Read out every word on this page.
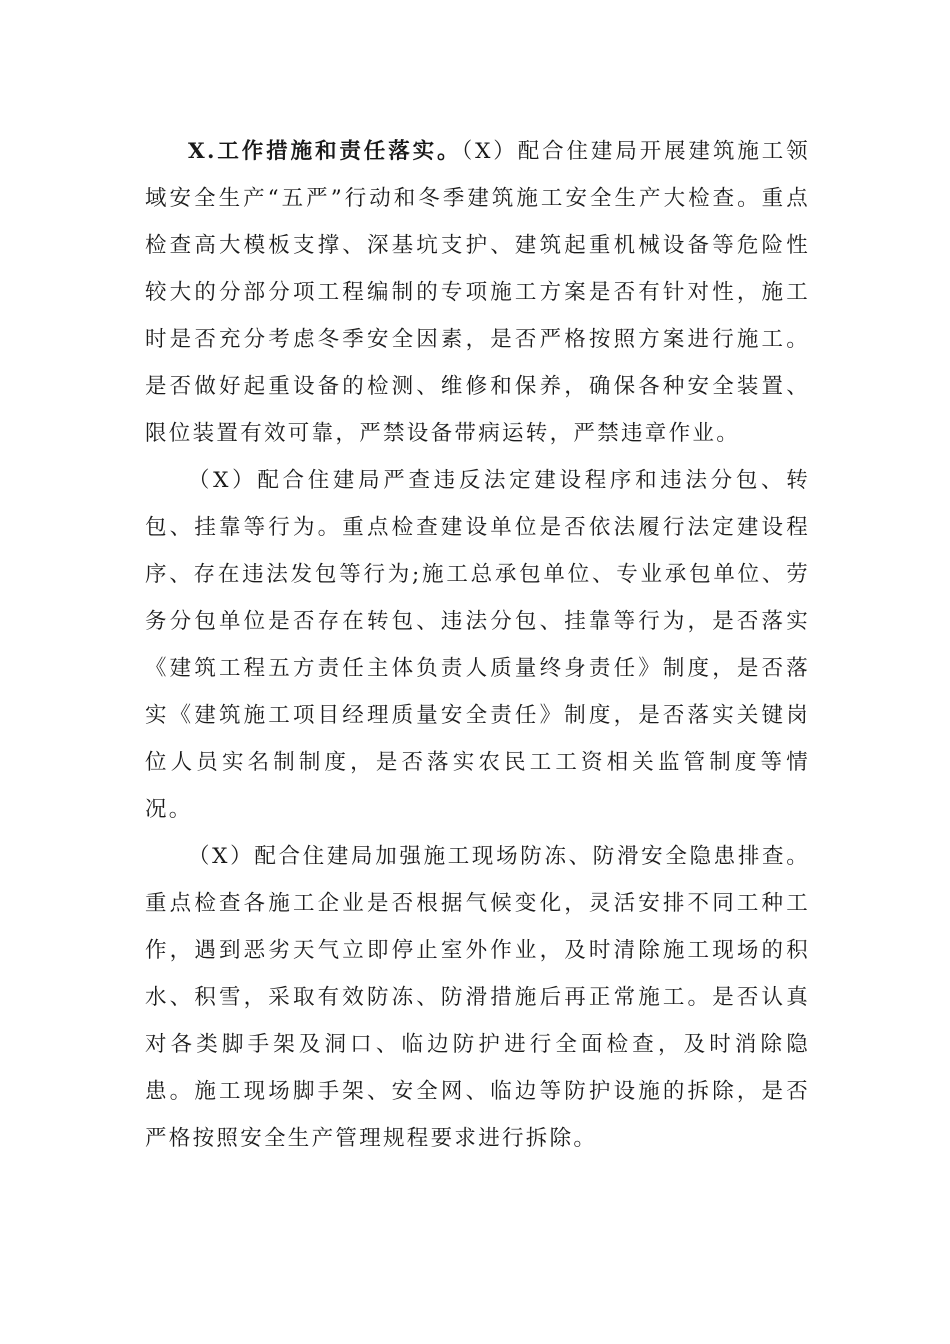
X.工作措施和责任落实。（X）配合住建局开展建筑施工领域安全生产“五严”行动和冬季建筑施工安全生产大检查。重点检查高大模板支撑、深基坑支护、建筑起重机械设备等危险性较大的分部分项工程编制的专项施工方案是否有针对性，施工时是否充分考虑冬季安全因素，是否严格按照方案进行施工。是否做好起重设备的检测、维修和保养，确保各种安全装置、限位装置有效可靠，严禁设备带病运转，严禁违章作业。

（X）配合住建局严查违反法定建设程序和违法分包、转包、挂靠等行为。重点检查建设单位是否依法履行法定建设程序、存在违法发包等行为;施工总承包单位、专业承包单位、劳务分包单位是否存在转包、违法分包、挂靠等行为，是否落实《建筑工程五方责任主体负责人质量终身责任》制度，是否落实《建筑施工项目经理质量安全责任》制度，是否落实关键岗位人员实名制制度，是否落实农民工工资相关监管制度等情况。

（X）配合住建局加强施工现场防冻、防滑安全隐患排查。重点检查各施工企业是否根据气候变化，灵活安排不同工种工作，遇到恶劣天气立即停止室外作业，及时清除施工现场的积水、积雪，采取有效防冻、防滑措施后再正常施工。是否认真对各类脚手架及洞口、临边防护进行全面检查，及时消除隐患。施工现场脚手架、安全网、临边等防护设施的拆除，是否严格按照安全生产管理规程要求进行拆除。
